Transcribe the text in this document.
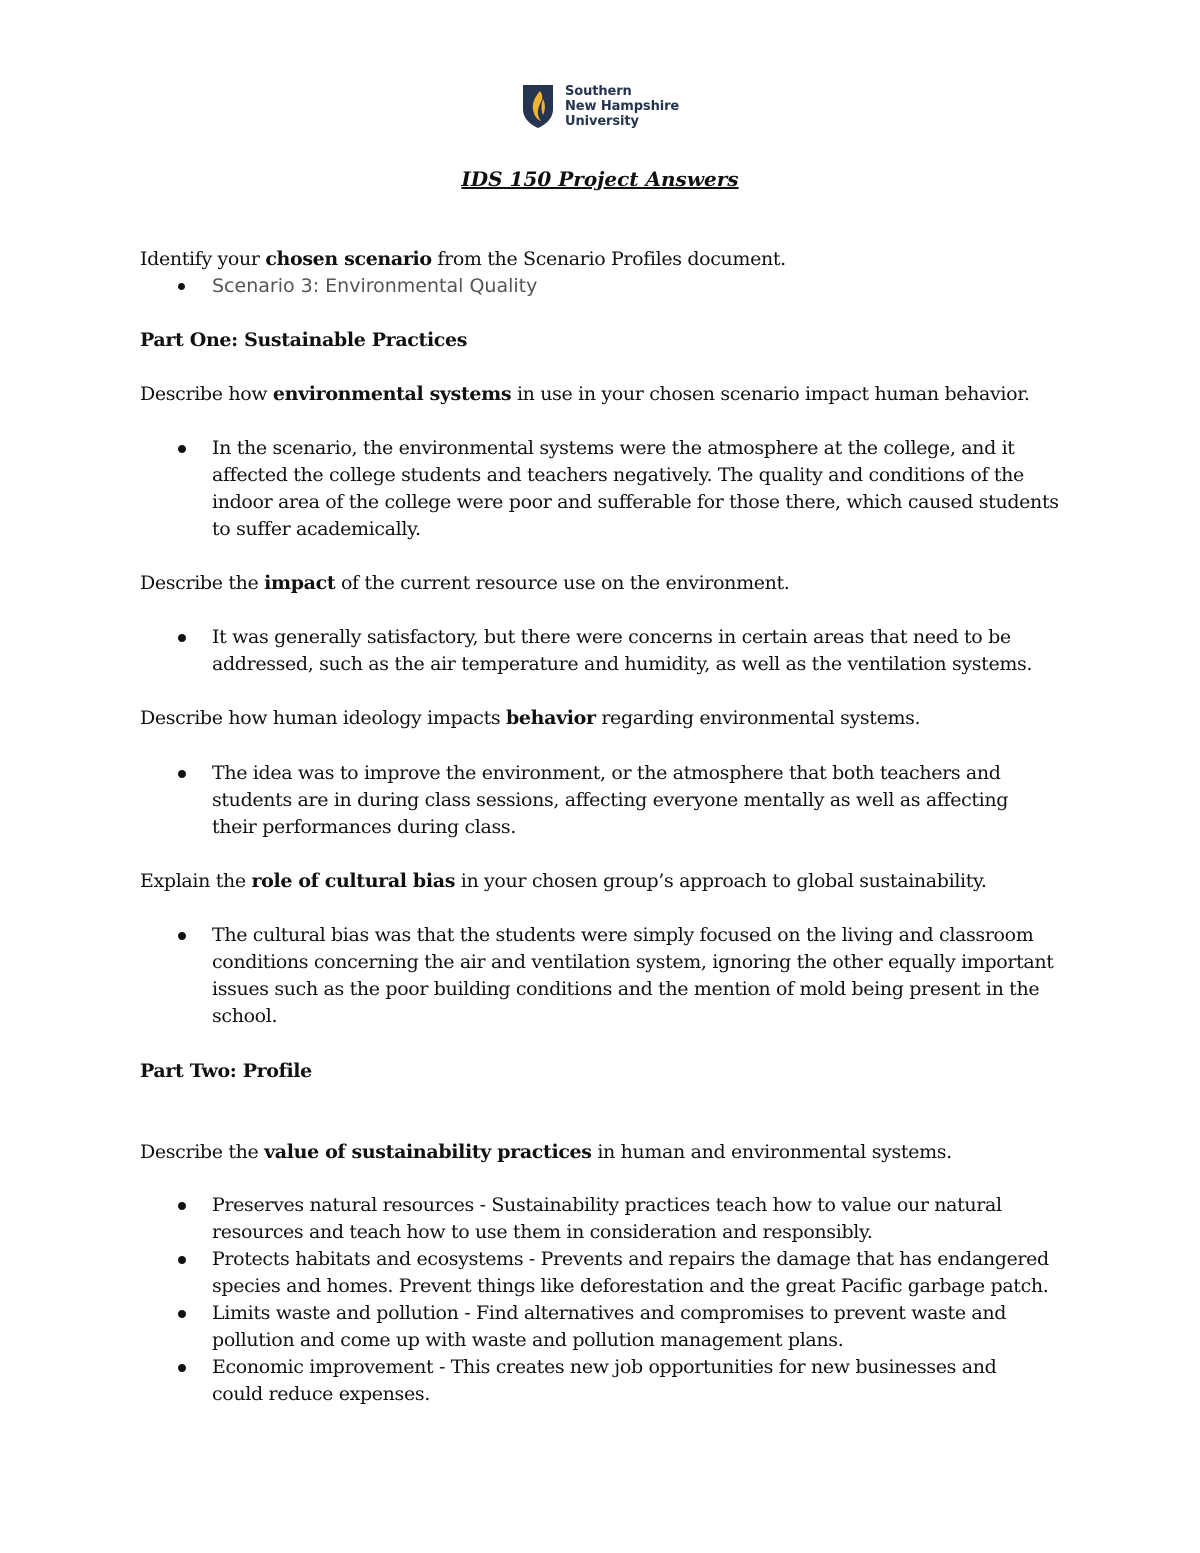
Southern
New Hampshire
University
IDS 150 Project Answers
Identify your chosen scenario from the Scenario Profiles document.
Scenario 3: Environmental Quality
Part One: Sustainable Practices
Describe how environmental systems in use in your chosen scenario impact human behavior.
In the scenario, the environmental systems were the atmosphere at the college, and it
affected the college students and teachers negatively. The quality and conditions of the
indoor area of the college were poor and sufferable for those there, which caused students
to suffer academically.
Describe the impact of the current resource use on the environment.
It was generally satisfactory, but there were concerns in certain areas that need to be
addressed, such as the air temperature and humidity, as well as the ventilation systems.
Describe how human ideology impacts behavior regarding environmental systems.
The idea was to improve the environment, or the atmosphere that both teachers and
students are in during class sessions, affecting everyone mentally as well as affecting
their performances during class.
Explain the role of cultural bias in your chosen group’s approach to global sustainability.
The cultural bias was that the students were simply focused on the living and classroom
conditions concerning the air and ventilation system, ignoring the other equally important
issues such as the poor building conditions and the mention of mold being present in the
school.
Part Two: Profile
Describe the value of sustainability practices in human and environmental systems.
Preserves natural resources - Sustainability practices teach how to value our natural
resources and teach how to use them in consideration and responsibly.
Protects habitats and ecosystems - Prevents and repairs the damage that has endangered
species and homes. Prevent things like deforestation and the great Pacific garbage patch.
Limits waste and pollution - Find alternatives and compromises to prevent waste and
pollution and come up with waste and pollution management plans.
Economic improvement - This creates new job opportunities for new businesses and
could reduce expenses.
